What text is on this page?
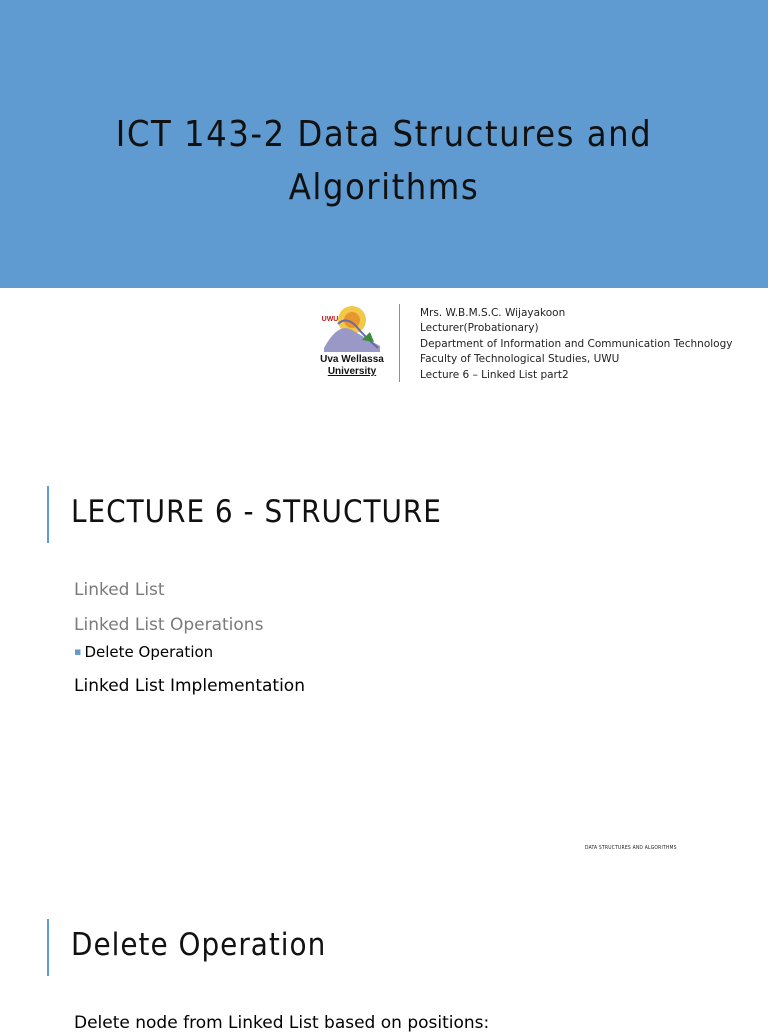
ICT 143-2 Data Structures and
Algorithms
UWU
Uva Wellassa
University
Mrs. W.B.M.S.C. Wijayakoon
Lecturer(Probationary)
Department of Information and Communication Technology
Faculty of Technological Studies, UWU
Lecture 6 – Linked List part2
LECTURE 6 - STRUCTURE
Linked List
Linked List Operations
▪ Delete Operation
Linked List Implementation
DATA STRUCTURES AND ALGORITHMS
Delete Operation
Delete node from Linked List based on positions:
